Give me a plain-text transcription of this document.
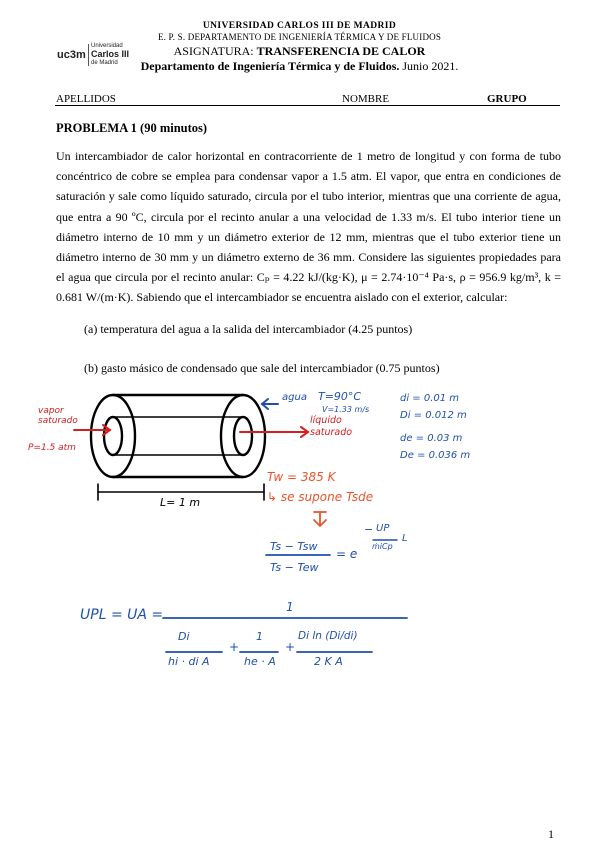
UNIVERSIDAD CARLOS III DE MADRID
E. P. S. DEPARTAMENTO DE INGENIERÍA TÉRMICA Y DE FLUIDOS
ASIGNATURA: TRANSFERENCIA DE CALOR
Departamento de Ingeniería Térmica y de Fluidos. Junio 2021.
uc3m
Universidad
Carlos III
de Madrid
APELLIDOS	NOMBRE	GRUPO
PROBLEMA 1 (90 minutos)
Un intercambiador de calor horizontal en contracorriente de 1 metro de longitud y con forma de tubo
concéntrico de cobre se emplea para condensar vapor a 1.5 atm. El vapor, que entra en condiciones de
saturación y sale como líquido saturado, circula por el tubo interior, mientras que una corriente de agua,
que entra a 90 ºC, circula por el recinto anular a una velocidad de 1.33 m/s. El tubo interior tiene un
diámetro interno de 10 mm y un diámetro exterior de 12 mm, mientras que el tubo exterior tiene un
diámetro interno de 30 mm y un diámetro externo de 36 mm. Considere las siguientes propiedades para
el agua que circula por el recinto anular: Cₚ = 4.22 kJ/(kg·K), μ = 2.74·10⁻⁴ Pa·s, ρ = 956.9 kg/m³, k =
0.681 W/(m·K). Sabiendo que el intercambiador se encuentra aislado con el exterior, calcular:
(a) temperatura del agua a la salida del intercambiador (4.25 puntos)
(b) gasto másico de condensado que sale del intercambiador (0.75 puntos)
vapor
saturado
P=1.5 atm
agua T=90°C
V=1.33 m/s
líquido
saturado
di = 0.01 m
Di = 0.012 m
de = 0.03 m
De = 0.036 m
L= 1 m
Tw = 385 K
↳ se supone Tsde
Ts − Tsw
Ts − Tew
= e
− UP
ṁiCp
L
UPL = UA =	1
Di
hi · di A
+
1
he · A
+
Di ln (Di/di)
2 K A
1
